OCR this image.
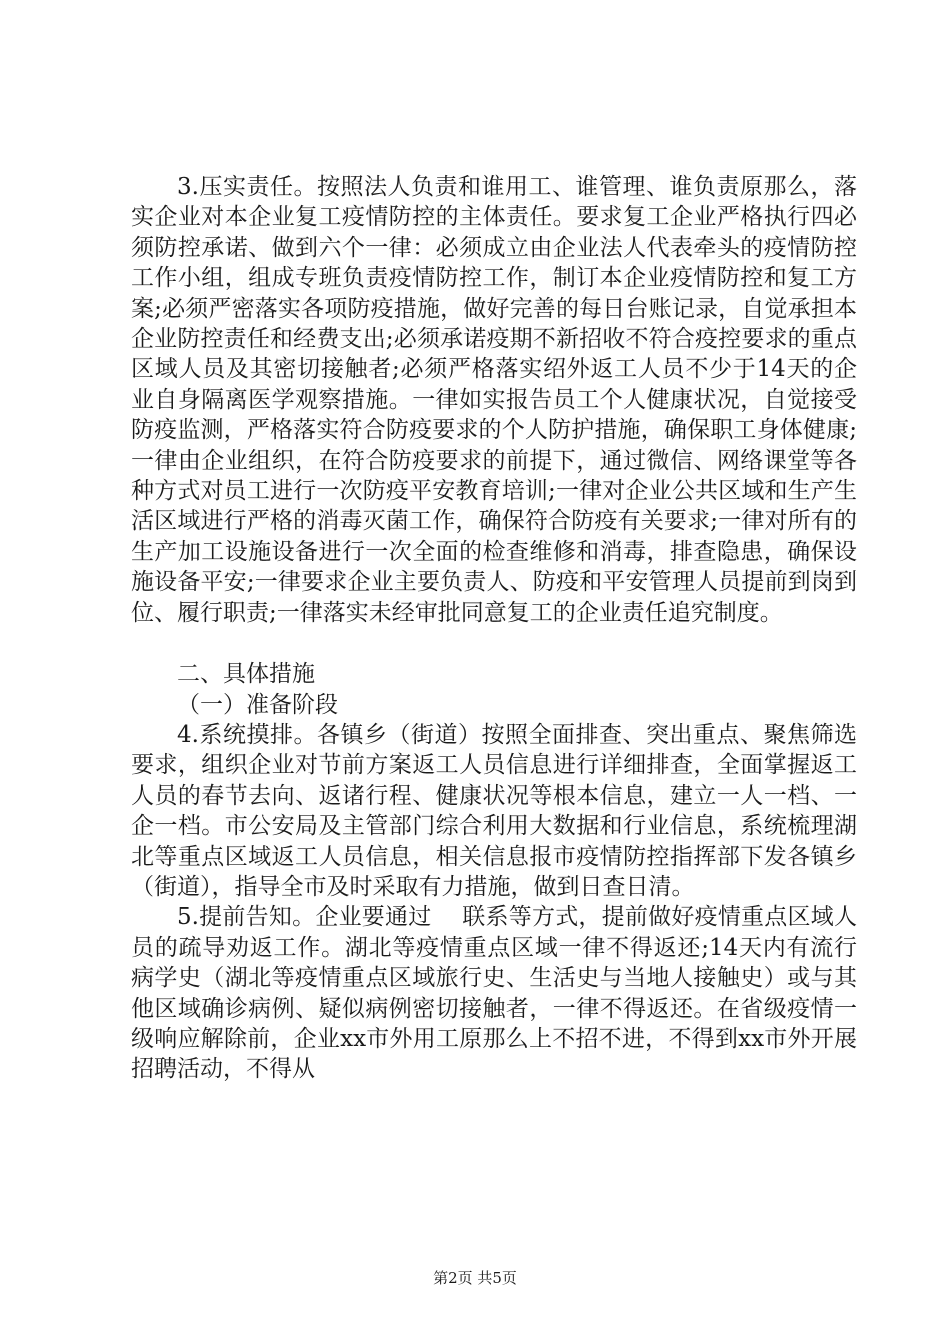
3.压实责任。按照法人负责和谁用工、谁管理、谁负责原那么，落实企业对本企业复工疫情防控的主体责任。要求复工企业严格执行四必须防控承诺、做到六个一律：必须成立由企业法人代表牵头的疫情防控工作小组，组成专班负责疫情防控工作，制订本企业疫情防控和复工方案;必须严密落实各项防疫措施，做好完善的每日台账记录，自觉承担本企业防控责任和经费支出;必须承诺疫期不新招收不符合疫控要求的重点区域人员及其密切接触者;必须严格落实绍外返工人员不少于14天的企业自身隔离医学观察措施。一律如实报告员工个人健康状况，自觉接受防疫监测，严格落实符合防疫要求的个人防护措施，确保职工身体健康;一律由企业组织，在符合防疫要求的前提下，通过微信、网络课堂等各种方式对员工进行一次防疫平安教育培训;一律对企业公共区域和生产生活区域进行严格的消毒灭菌工作，确保符合防疫有关要求;一律对所有的生产加工设施设备进行一次全面的检查维修和消毒，排查隐患，确保设施设备平安;一律要求企业主要负责人、防疫和平安管理人员提前到岗到位、履行职责;一律落实未经审批同意复工的企业责任追究制度。

二、具体措施

（一）准备阶段

4.系统摸排。各镇乡（街道）按照全面排查、突出重点、聚焦筛选要求，组织企业对节前方案返工人员信息进行详细排查，全面掌握返工人员的春节去向、返诸行程、健康状况等根本信息，建立一人一档、一企一档。市公安局及主管部门综合利用大数据和行业信息，系统梳理湖北等重点区域返工人员信息，相关信息报市疫情防控指挥部下发各镇乡（街道），指导全市及时采取有力措施，做到日查日清。

5.提前告知。企业要通过　 联系等方式，提前做好疫情重点区域人员的疏导劝返工作。湖北等疫情重点区域一律不得返还;14天内有流行病学史（湖北等疫情重点区域旅行史、生活史与当地人接触史）或与其他区域确诊病例、疑似病例密切接触者，一律不得返还。在省级疫情一级响应解除前，企业xx市外用工原那么上不招不进，不得到xx市外开展招聘活动，不得从

第2页 共5页
